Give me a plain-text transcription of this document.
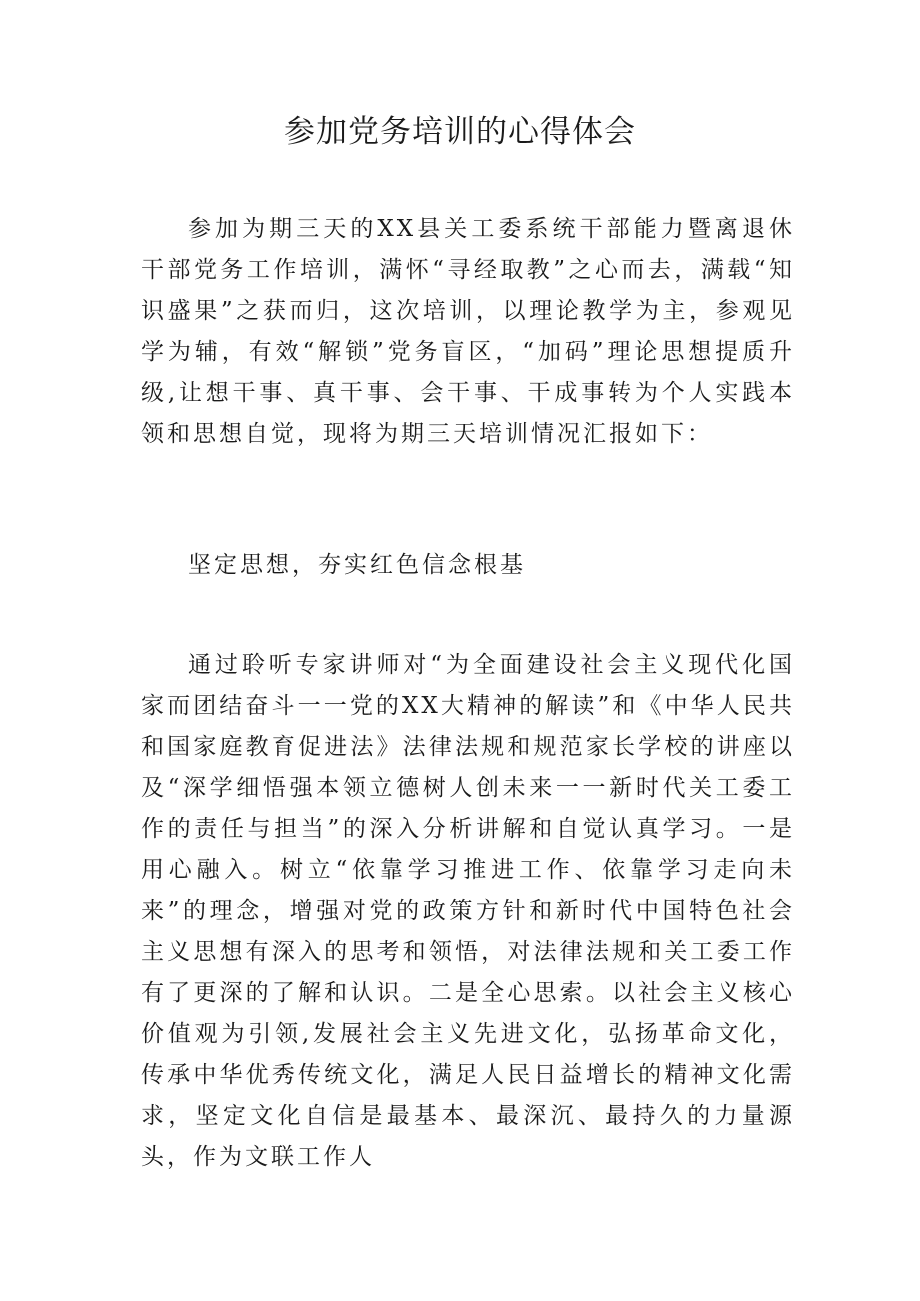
参加党务培训的心得体会

参加为期三天的XX县关工委系统干部能力暨离退休干部党务工作培训，满怀“寻经取教”之心而去，满载“知识盛果”之获而归，这次培训，以理论教学为主，参观见学为辅，有效“解锁”党务盲区，“加码”理论思想提质升级,让想干事、真干事、会干事、干成事转为个人实践本领和思想自觉，现将为期三天培训情况汇报如下：

坚定思想，夯实红色信念根基

通过聆听专家讲师对“为全面建设社会主义现代化国家而团结奋斗一一党的XX大精神的解读”和《中华人民共和国家庭教育促进法》法律法规和规范家长学校的讲座以及“深学细悟强本领立德树人创未来一一新时代关工委工作的责任与担当”的深入分析讲解和自觉认真学习。一是用心融入。树立“依靠学习推进工作、依靠学习走向未来”的理念，增强对党的政策方针和新时代中国特色社会主义思想有深入的思考和领悟，对法律法规和关工委工作有了更深的了解和认识。二是全心思索。以社会主义核心价值观为引领,发展社会主义先进文化，弘扬革命文化，传承中华优秀传统文化，满足人民日益增长的精神文化需求，坚定文化自信是最基本、最深沉、最持久的力量源头，作为文联工作人
